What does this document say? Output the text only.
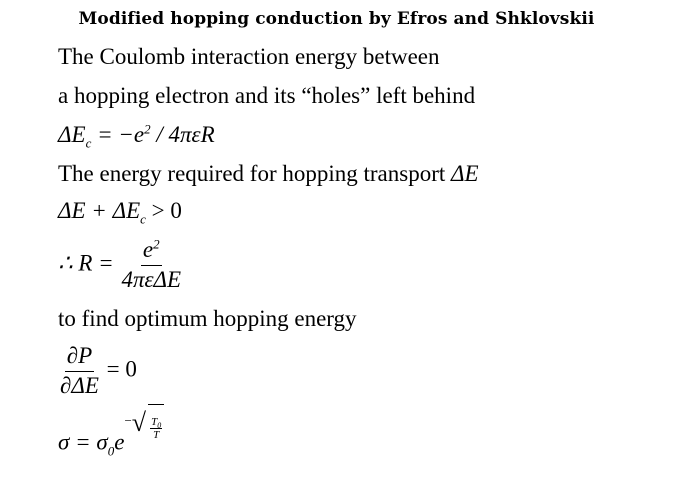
Modified hopping conduction by Efros and Shklovskii
The Coulomb interaction energy between
a hopping electron and its “holes” left behind
$\Delta E_c = -e^2 / 4\pi\varepsilon R$
The energy required for hopping transport ΔE
$\Delta E + \Delta E_c > 0$
∴ $R = \frac{e^2}{\text{4πεΔE}}$
to find optimum hopping energy
$\frac{\partial P}{\partial\Delta E} = 0$
$\sigma = \sigma_0e-√ \frac{T_0}{T}$
